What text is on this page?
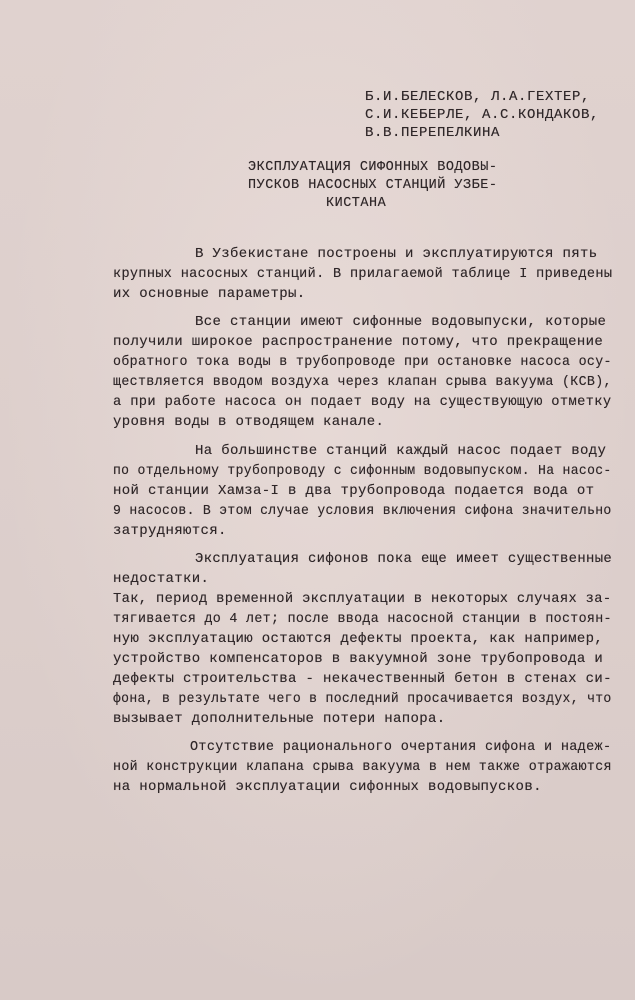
Б.И.БЕЛЕСКОВ, Л.А.ГЕХТЕР,
С.И.КЕБЕРЛЕ, А.С.КОНДАКОВ,
В.В.ПЕРЕПЕЛКИНА
ЭКСПЛУАТАЦИЯ СИФОННЫХ ВОДОВЫ-
ПУСКОВ НАСОСНЫХ СТАНЦИЙ УЗБЕ-
КИСТАНА
В Узбекистане построены и эксплуатируются пять
крупных насосных станций. В прилагаемой таблице I приведены
их основные параметры.
Все станции имеют сифонные водовыпуски, которые
получили широкое распространение потому, что прекращение
обратного тока воды в трубопроводе при остановке насоса осу-
ществляется вводом воздуха через клапан срыва вакуума (КСВ),
а при работе насоса он подает воду на существующую отметку
уровня воды в отводящем канале.
На большинстве станций каждый насос подает воду
по отдельному трубопроводу с сифонным водовыпуском. На насос-
ной станции Хамза-I в два трубопровода подается вода от
9 насосов. В этом случае условия включения сифона значительно
затрудняются.
Эксплуатация сифонов пока еще имеет существенные
недостатки.
Так, период временной эксплуатации в некоторых случаях за-
тягивается до 4 лет; после ввода насосной станции в постоян-
ную эксплуатацию остаются дефекты проекта, как например,
устройство компенсаторов в вакуумной зоне трубопровода и
дефекты строительства - некачественный бетон в стенах си-
фона, в результате чего в последний просачивается воздух, что
вызывает дополнительные потери напора.
Отсутствие рационального очертания сифона и надеж-
ной конструкции клапана срыва вакуума в нем также отражаются
на нормальной эксплуатации сифонных водовыпусков.
